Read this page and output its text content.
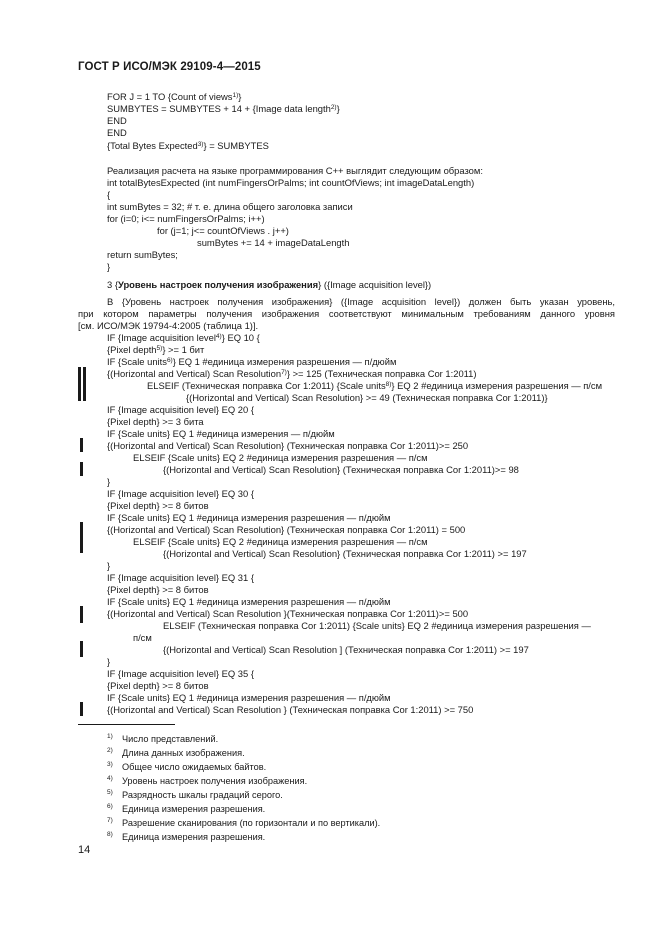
ГОСТ Р ИСО/МЭК 29109-4—2015
FOR J = 1 TO {Count of views$^{1)}$}
SUMBYTES = SUMBYTES + 14 + {Image data length$^{2)}$}
END
END
{Total Bytes Expected$^{3)}$} = SUMBYTES
Реализация расчета на языке программирования С++ выглядит следующим образом:
int totalBytesExpected (int numFingersOrPalms; int countOfViews; int imageDataLength)
{
int sumBytes = 32; # т. е. длина общего заголовка записи
for (i=0; i<= numFingersOrPalms; i++)
for (j=1; j<= countOfViews . j++)
sumBytes += 14 + imageDataLength
return sumBytes;
}
3 {Уровень настроек получения изображения} ({Image acquisition level})
В {Уровень настроек получения изображения} ({Image acquisition level}) должен быть указан уровень,
при котором параметры получения изображения соответствуют минимальным требованиям данного уровня
[см. ИСО/МЭК 19794-4:2005 (таблица 1)].
IF {Image acquisition level$^{4)}$} EQ 10 {
{Pixel depth$^{5)}$} >= 1 бит
IF {Scale units$^{6)}$} EQ 1 #единица измерения разрешения — п/дюйм
{(Horizontal and Vertical) Scan Resolution$^{7)}$} >= 125 (Техническая поправка Cor 1:2011)
ELSEIF (Техническая поправка Cor 1:2011) {Scale units$^{8)}$} EQ 2 #единица измерения разрешения — п/см
{(Horizontal and Vertical) Scan Resolution} >= 49 (Техническая поправка Cor 1:2011)}
IF {Image acquisition level} EQ 20 {
{Pixel depth} >= 3 бита
IF {Scale units} EQ 1 #единица измерения — п/дюйм
{(Horizontal and Vertical) Scan Resolution} (Техническая поправка Cor 1:2011)>= 250
ELSEIF {Scale units} EQ 2 #единица измерения разрешения — п/см
{(Horizontal and Vertical) Scan Resolution} (Техническая поправка Cor 1:2011)>= 98
}
IF {Image acquisition level} EQ 30 {
{Pixel depth} >= 8 битов
IF {Scale units} EQ 1 #единица измерения разрешения — п/дюйм
{(Horizontal and Vertical) Scan Resolution} (Техническая поправка Cor 1:2011) = 500
ELSEIF {Scale units} EQ 2 #единица измерения разрешения — п/см
{(Horizontal and Vertical) Scan Resolution} (Техническая поправка Cor 1:2011) >= 197
}
IF {Image acquisition level} EQ 31 {
{Pixel depth} >= 8 битов
IF {Scale units} EQ 1 #единица измерения разрешения — п/дюйм
{(Horizontal and Vertical) Scan Resolution }(Техническая поправка Cor 1:2011)>= 500
ELSEIF (Техническая поправка Cor 1:2011) {Scale units} EQ 2 #единица измерения разрешения —
п/см
{(Horizontal and Vertical) Scan Resolution ] (Техническая поправка Cor 1:2011) >= 197
}
IF {Image acquisition level} EQ 35 {
{Pixel depth} >= 8 битов
IF {Scale units} EQ 1 #единица измерения разрешения — п/дюйм
{(Horizontal and Vertical) Scan Resolution } (Техническая поправка Cor 1:2011) >= 750
1) Число представлений.
2) Длина данных изображения.
3) Общее число ожидаемых байтов.
4) Уровень настроек получения изображения.
5) Разрядность шкалы градаций серого.
6) Единица измерения разрешения.
7) Разрешение сканирования (по горизонтали и по вертикали).
8) Единица измерения разрешения.
14
